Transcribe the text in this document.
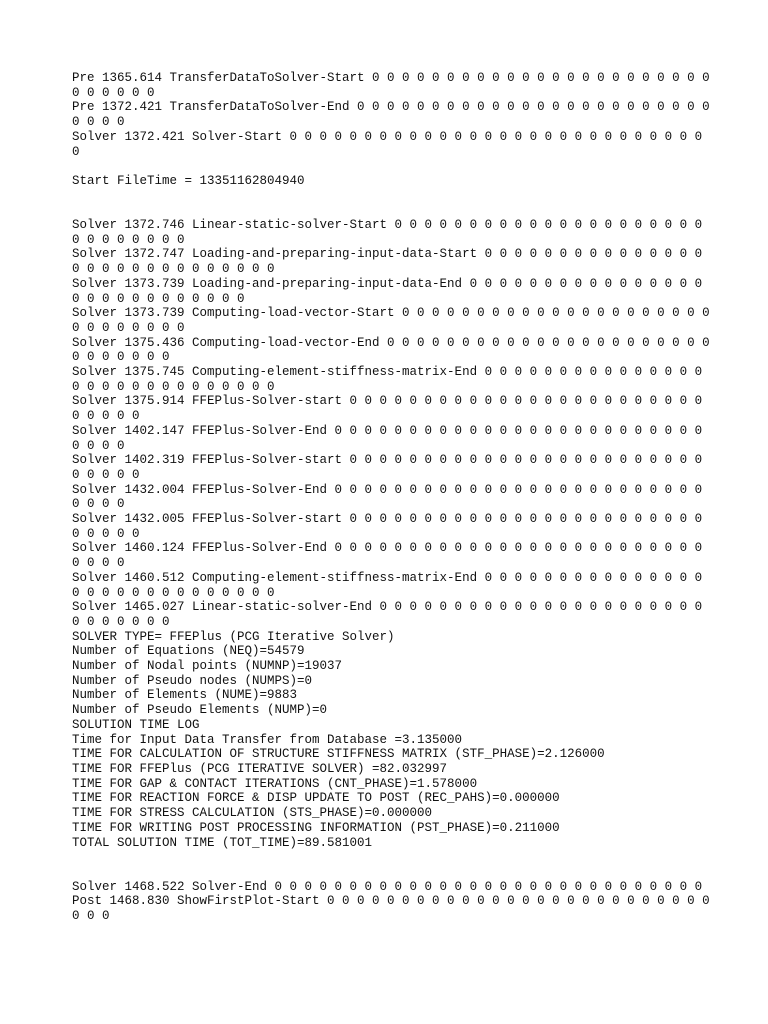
Pre 1365.614 TransferDataToSolver-Start 0 0 0 0 0 0 0 0 0 0 0 0 0 0 0 0 0 0 0 0 0 0 0 0 0 0 0 0 0
Pre 1372.421 TransferDataToSolver-End 0 0 0 0 0 0 0 0 0 0 0 0 0 0 0 0 0 0 0 0 0 0 0 0 0 0 0 0
Solver 1372.421 Solver-Start 0 0 0 0 0 0 0 0 0 0 0 0 0 0 0 0 0 0 0 0 0 0 0 0 0 0 0 0 0
Start FileTime = 13351162804940
Solver 1372.746 Linear-static-solver-Start 0 0 0 0 0 0 0 0 0 0 0 0 0 0 0 0 0 0 0 0 0 0 0 0 0 0 0 0 0
Solver 1372.747 Loading-and-preparing-input-data-Start 0 0 0 0 0 0 0 0 0 0 0 0 0 0 0 0 0 0 0 0 0 0 0 0 0 0 0 0 0
Solver 1373.739 Loading-and-preparing-input-data-End 0 0 0 0 0 0 0 0 0 0 0 0 0 0 0 0 0 0 0 0 0 0 0 0 0 0 0 0
Solver 1373.739 Computing-load-vector-Start 0 0 0 0 0 0 0 0 0 0 0 0 0 0 0 0 0 0 0 0 0 0 0 0 0 0 0 0 0
Solver 1375.436 Computing-load-vector-End 0 0 0 0 0 0 0 0 0 0 0 0 0 0 0 0 0 0 0 0 0 0 0 0 0 0 0 0 0
Solver 1375.745 Computing-element-stiffness-matrix-End 0 0 0 0 0 0 0 0 0 0 0 0 0 0 0 0 0 0 0 0 0 0 0 0 0 0 0 0 0
Solver 1375.914 FFEPlus-Solver-start 0 0 0 0 0 0 0 0 0 0 0 0 0 0 0 0 0 0 0 0 0 0 0 0 0 0 0 0 0
Solver 1402.147 FFEPlus-Solver-End 0 0 0 0 0 0 0 0 0 0 0 0 0 0 0 0 0 0 0 0 0 0 0 0 0 0 0 0 0
Solver 1402.319 FFEPlus-Solver-start 0 0 0 0 0 0 0 0 0 0 0 0 0 0 0 0 0 0 0 0 0 0 0 0 0 0 0 0 0
Solver 1432.004 FFEPlus-Solver-End 0 0 0 0 0 0 0 0 0 0 0 0 0 0 0 0 0 0 0 0 0 0 0 0 0 0 0 0 0
Solver 1432.005 FFEPlus-Solver-start 0 0 0 0 0 0 0 0 0 0 0 0 0 0 0 0 0 0 0 0 0 0 0 0 0 0 0 0 0
Solver 1460.124 FFEPlus-Solver-End 0 0 0 0 0 0 0 0 0 0 0 0 0 0 0 0 0 0 0 0 0 0 0 0 0 0 0 0 0
Solver 1460.512 Computing-element-stiffness-matrix-End 0 0 0 0 0 0 0 0 0 0 0 0 0 0 0 0 0 0 0 0 0 0 0 0 0 0 0 0 0
Solver 1465.027 Linear-static-solver-End 0 0 0 0 0 0 0 0 0 0 0 0 0 0 0 0 0 0 0 0 0 0 0 0 0 0 0 0 0
SOLVER TYPE= FFEPlus (PCG Iterative Solver)
Number of Equations (NEQ)=54579
Number of Nodal points (NUMNP)=19037
Number of Pseudo nodes (NUMPS)=0
Number of Elements (NUME)=9883
Number of Pseudo Elements (NUMP)=0
SOLUTION TIME LOG
Time for Input Data Transfer from Database =3.135000
TIME FOR CALCULATION OF STRUCTURE STIFFNESS MATRIX (STF_PHASE)=2.126000
TIME FOR FFEPlus (PCG ITERATIVE SOLVER) =82.032997
TIME FOR GAP & CONTACT ITERATIONS (CNT_PHASE)=1.578000
TIME FOR REACTION FORCE & DISP UPDATE TO POST (REC_PAHS)=0.000000
TIME FOR STRESS CALCULATION (STS_PHASE)=0.000000
TIME FOR WRITING POST PROCESSING INFORMATION (PST_PHASE)=0.211000
TOTAL SOLUTION TIME (TOT_TIME)=89.581001
Solver 1468.522 Solver-End 0 0 0 0 0 0 0 0 0 0 0 0 0 0 0 0 0 0 0 0 0 0 0 0 0 0 0 0 0
Post 1468.830 ShowFirstPlot-Start 0 0 0 0 0 0 0 0 0 0 0 0 0 0 0 0 0 0 0 0 0 0 0 0 0 0 0 0 0
